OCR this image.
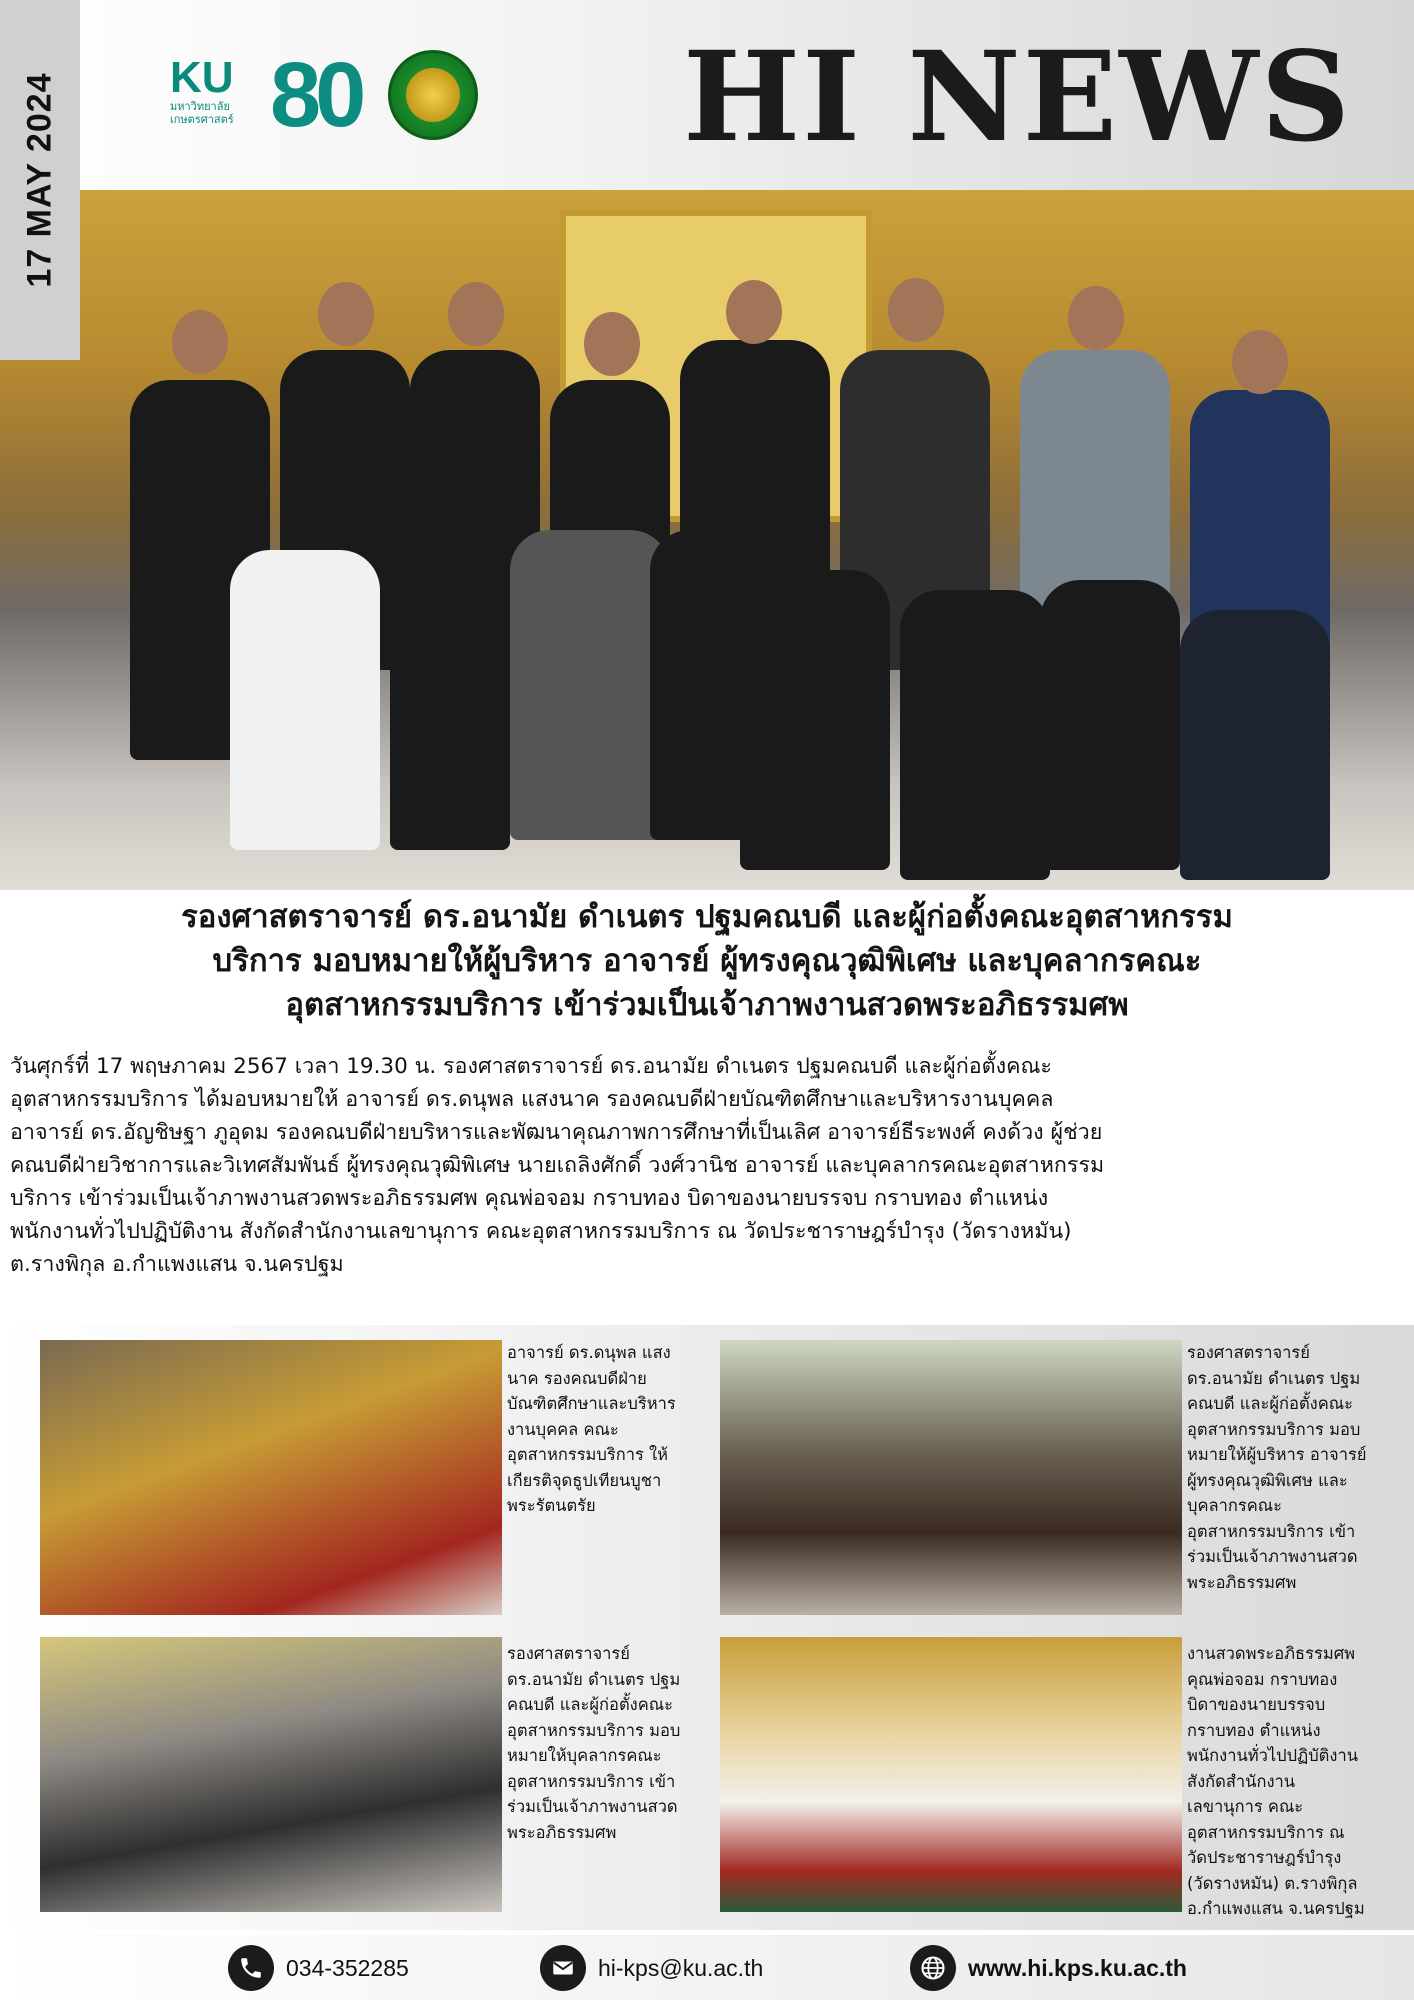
17 MAY 2024	KU
มหาวิทยาลัยเกษตรศาสตร์ 80	HI NEWS
รองศาสตราจารย์ ดร.อนามัย ดำเนตร ปฐมคณบดี และผู้ก่อตั้งคณะอุตสาหกรรม
บริการ มอบหมายให้ผู้บริหาร อาจารย์ ผู้ทรงคุณวุฒิพิเศษ และบุคลากรคณะ
อุตสาหกรรมบริการ เข้าร่วมเป็นเจ้าภาพงานสวดพระอภิธรรมศพ
วันศุกร์ที่ 17 พฤษภาคม 2567 เวลา 19.30 น. รองศาสตราจารย์ ดร.อนามัย ดำเนตร ปฐมคณบดี และผู้ก่อตั้งคณะ
อุตสาหกรรมบริการ ได้มอบหมายให้ อาจารย์ ดร.ดนุพล แสงนาค รองคณบดีฝ่ายบัณฑิตศึกษาและบริหารงานบุคคล
อาจารย์ ดร.อัญชิษฐา ภูอุดม รองคณบดีฝ่ายบริหารและพัฒนาคุณภาพการศึกษาที่เป็นเลิศ อาจารย์ธีระพงศ์ คงด้วง ผู้ช่วย
คณบดีฝ่ายวิชาการและวิเทศสัมพันธ์ ผู้ทรงคุณวุฒิพิเศษ นายเถลิงศักดิ์ วงศ์วานิช อาจารย์ และบุคลากรคณะอุตสาหกรรม
บริการ เข้าร่วมเป็นเจ้าภาพงานสวดพระอภิธรรมศพ คุณพ่อจอม กราบทอง บิดาของนายบรรจบ กราบทอง ตำแหน่ง
พนักงานทั่วไปปฏิบัติงาน สังกัดสำนักงานเลขานุการ คณะอุตสาหกรรมบริการ ณ วัดประชาราษฎร์บำรุง (วัดรางหมัน)
ต.รางพิกุล อ.กำแพงแสน จ.นครปฐม
อาจารย์ ดร.ดนุพล แสงนาค รองคณบดีฝ่ายบัณฑิตศึกษาและบริหารงานบุคคล คณะอุตสาหกรรมบริการ ให้เกียรติจุดธูปเทียนบูชาพระรัตนตรัย
รองศาสตราจารย์ ดร.อนามัย ดำเนตร ปฐมคณบดี และผู้ก่อตั้งคณะอุตสาหกรรมบริการ มอบหมายให้ผู้บริหาร อาจารย์ ผู้ทรงคุณวุฒิพิเศษ และบุคลากรคณะอุตสาหกรรมบริการ เข้าร่วมเป็นเจ้าภาพงานสวดพระอภิธรรมศพ
รองศาสตราจารย์ ดร.อนามัย ดำเนตร ปฐมคณบดี และผู้ก่อตั้งคณะอุตสาหกรรมบริการ มอบหมายให้บุคลากรคณะอุตสาหกรรมบริการ เข้าร่วมเป็นเจ้าภาพงานสวดพระอภิธรรมศพ
งานสวดพระอภิธรรมศพ คุณพ่อจอม กราบทอง บิดาของนายบรรจบ กราบทอง ตำแหน่งพนักงานทั่วไปปฏิบัติงาน สังกัดสำนักงานเลขานุการ คณะอุตสาหกรรมบริการ ณ วัดประชาราษฎร์บำรุง (วัดรางหมัน) ต.รางพิกุล อ.กำแพงแสน จ.นครปฐม
034-352285	hi-kps@ku.ac.th	www.hi.kps.ku.ac.th
